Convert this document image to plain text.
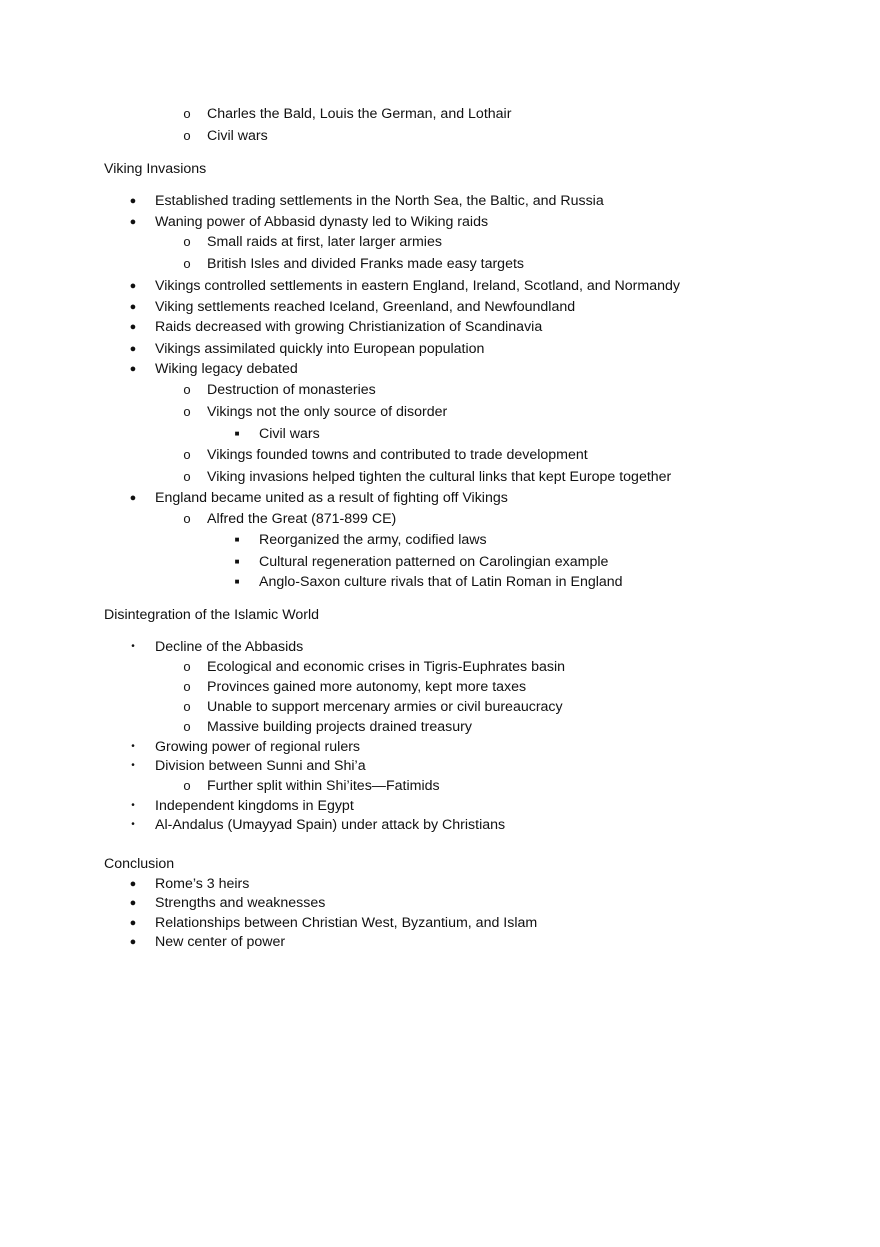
o Charles the Bald, Louis the German, and Lothair
o Civil wars
Viking Invasions
● Established trading settlements in the North Sea, the Baltic, and Russia
● Waning power of Abbasid dynasty led to Wiking raids
o Small raids at first, later larger armies
o British Isles and divided Franks made easy targets
● Vikings controlled settlements in eastern England, Ireland, Scotland, and Normandy
● Viking settlements reached Iceland, Greenland, and Newfoundland
● Raids decreased with growing Christianization of Scandinavia
● Vikings assimilated quickly into European population
● Wiking legacy debated
o Destruction of monasteries
o Vikings not the only source of disorder
■	Civil wars
o Vikings founded towns and contributed to trade development
o Viking invasions helped tighten the cultural links that kept Europe together
● England became united as a result of fighting off Vikings
o Alfred the Great (871-899 CE)
■	Reorganized the army, codified laws
■	Cultural regeneration patterned on Carolingian example
■	Anglo-Saxon culture rivals that of Latin Roman in England
Disintegration of the Islamic World
•	Decline of the Abbasids
o Ecological and economic crises in Tigris-Euphrates basin
o Provinces gained more autonomy, kept more taxes
o Unable to support mercenary armies or civil bureaucracy
o Massive building projects drained treasury
•	Growing power of regional rulers
•	Division between Sunni and Shi’a
o Further split within Shi’ites—Fatimids
•	Independent kingdoms in Egypt
•	Al-Andalus (Umayyad Spain) under attack by Christians
Conclusion
● Rome’s 3 heirs
● Strengths and weaknesses
● Relationships between Christian West, Byzantium, and Islam
● New center of power
